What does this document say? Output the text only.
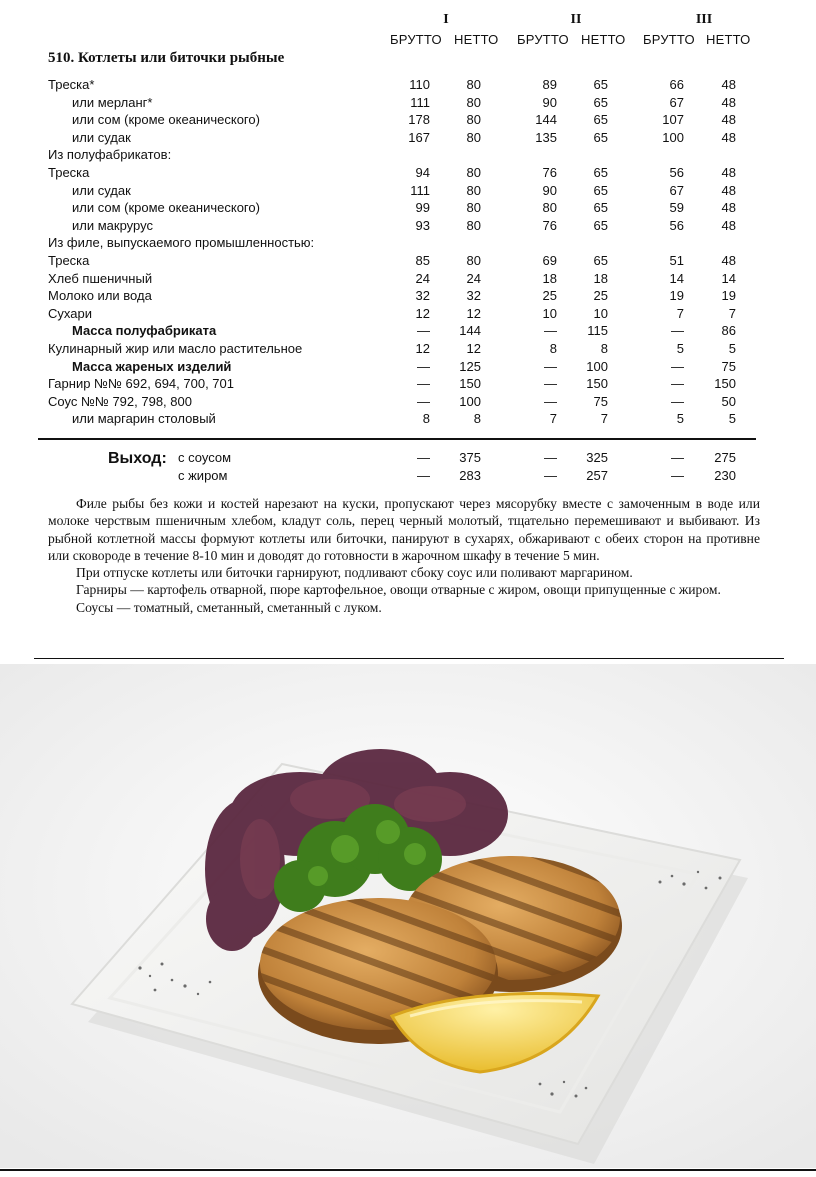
I	II	III
БРУТТО НЕТТО БРУТТО НЕТТО БРУТТО НЕТТО
510. Котлеты или биточки рыбные
Треска*	110	80	89	65	66	48
или мерланг*	111	80	90	65	67	48
или сом (кроме океанического)	178	80	144	65	107	48
или судак	167	80	135	65	100	48
Из полуфабрикатов:
Треска	94	80	76	65	56	48
или судак	111	80	90	65	67	48
или сом (кроме океанического)	99	80	80	65	59	48
или макрурус	93	80	76	65	56	48
Из филе, выпускаемого промышленностью:
Треска	85	80	69	65	51	48
Хлеб пшеничный	24	24	18	18	14	14
Молоко или вода	32	32	25	25	19	19
Сухари	12	12	10	10	7	7
Масса полуфабриката	—	144	—	115	—	86
Кулинарный жир или масло растительное	12	12	8	8	5	5
Масса жареных изделий	—	125	—	100	—	75
Гарнир №№ 692, 694, 700, 701	—	150	—	150	—	150
Соус №№ 792, 798, 800	—	100	—	75	—	50
или маргарин столовый	8	8	7	7	5	5
Выход: с соусом	—	375	—	325	—	275
с жиром	—	283	—	257	—	230

Филе рыбы без кожи и костей нарезают на куски, пропускают через мясорубку вместе с замоченным в воде или молоке черствым пшеничным хлебом, кладут соль, перец черный молотый, тщательно перемешивают и выбивают. Из рыбной котлетной массы формуют котлеты или биточки, панируют в сухарях, обжаривают с обеих сторон на противне или сковороде в течение 8-10 мин и доводят до готовности в жарочном шкафу в течение 5 мин.

При отпуске котлеты или биточки гарнируют, подливают сбоку соус или поливают маргарином.

Гарниры — картофель отварной, пюре картофельное, овощи отварные с жиром, овощи припущенные с жиром.

Соусы — томатный, сметанный, сметанный с луком.
